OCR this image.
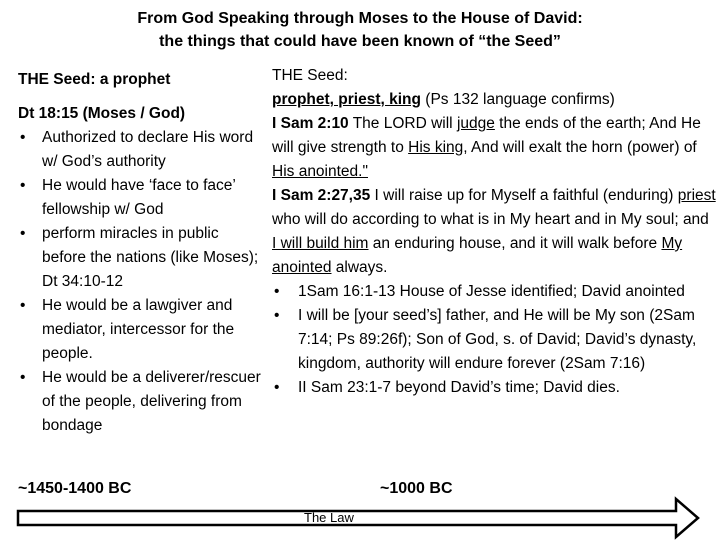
From God Speaking through Moses to the House of David:
the things that could have been known of “the Seed”
THE Seed: a prophet
Dt 18:15 (Moses / God)
• Authorized to declare His word w/ God’s authority
• He would have ‘face to face’ fellowship w/ God
• perform miracles in public before the nations (like Moses); Dt 34:10-12
• He would be a lawgiver and mediator, intercessor for the people.
• He would be a deliverer/rescuer of the people, delivering from bondage

THE Seed:

prophet, priest, king (Ps 132 language confirms)

I Sam 2:10 The LORD will judge the ends of the earth; And He will give strength to His king, And will exalt the horn (power) of His anointed."

I Sam 2:27,35 I will raise up for Myself a faithful (enduring) priest who will do according to what is in My heart and in My soul; and I will build him an enduring house, and it will walk before My anointed always.

• 1Sam 16:1-13 House of Jesse identified; David anointed
• I will be [your seed’s] father, and He will be My son (2Sam 7:14; Ps 89:26f); Son of God, s. of David; David’s dynasty, kingdom, authority will endure forever (2Sam 7:16)
• II Sam 23:1-7 beyond David’s time; David dies.
~1450-1400 BC	~1000 BC
The Law
